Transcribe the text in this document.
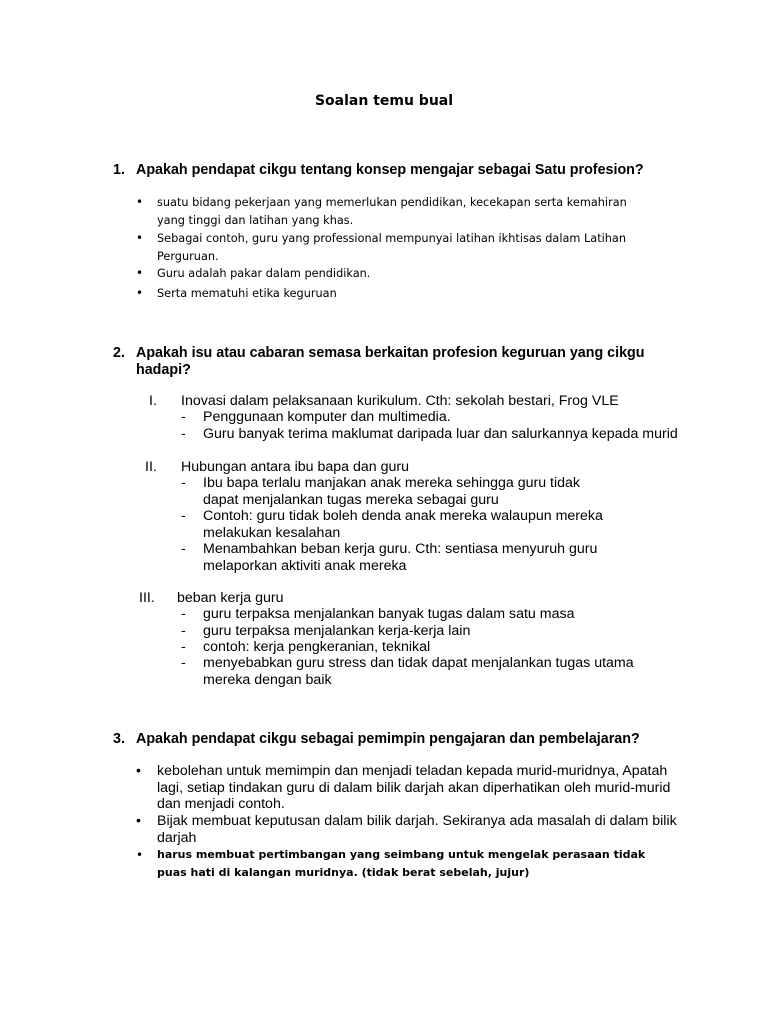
Soalan temu bual
1. Apakah pendapat cikgu tentang konsep mengajar sebagai Satu profesion?
• suatu bidang pekerjaan yang memerlukan pendidikan, kecekapan serta kemahiran yang tinggi dan latihan yang khas.
• Sebagai contoh, guru yang professional mempunyai latihan ikhtisas dalam Latihan Perguruan.
• Guru adalah pakar dalam pendidikan.
• Serta mematuhi etika keguruan
2. Apakah isu atau cabaran semasa berkaitan profesion keguruan yang cikgu hadapi?
I. Inovasi dalam pelaksanaan kurikulum. Cth: sekolah bestari, Frog VLE
-	Penggunaan komputer dan multimedia.
-	Guru banyak terima maklumat daripada luar dan salurkannya kepada murid
II. Hubungan antara ibu bapa dan guru
-	Ibu bapa terlalu manjakan anak mereka sehingga guru tidak dapat menjalankan tugas mereka sebagai guru
-	Contoh: guru tidak boleh denda anak mereka walaupun mereka melakukan kesalahan
-	Menambahkan beban kerja guru. Cth: sentiasa menyuruh guru melaporkan aktiviti anak mereka
III. beban kerja guru
-	guru terpaksa menjalankan banyak tugas dalam satu masa
-	guru terpaksa menjalankan kerja-kerja lain
-	contoh: kerja pengkeranian, teknikal
-	menyebabkan guru stress dan tidak dapat menjalankan tugas utama mereka dengan baik
3. Apakah pendapat cikgu sebagai pemimpin pengajaran dan pembelajaran?
• kebolehan untuk memimpin dan menjadi teladan kepada murid-muridnya, Apatah lagi, setiap tindakan guru di dalam bilik darjah akan diperhatikan oleh murid-murid dan menjadi contoh.
• Bijak membuat keputusan dalam bilik darjah. Sekiranya ada masalah di dalam bilik darjah
• harus membuat pertimbangan yang seimbang untuk mengelak perasaan tidak puas hati di kalangan muridnya. (tidak berat sebelah, jujur)
